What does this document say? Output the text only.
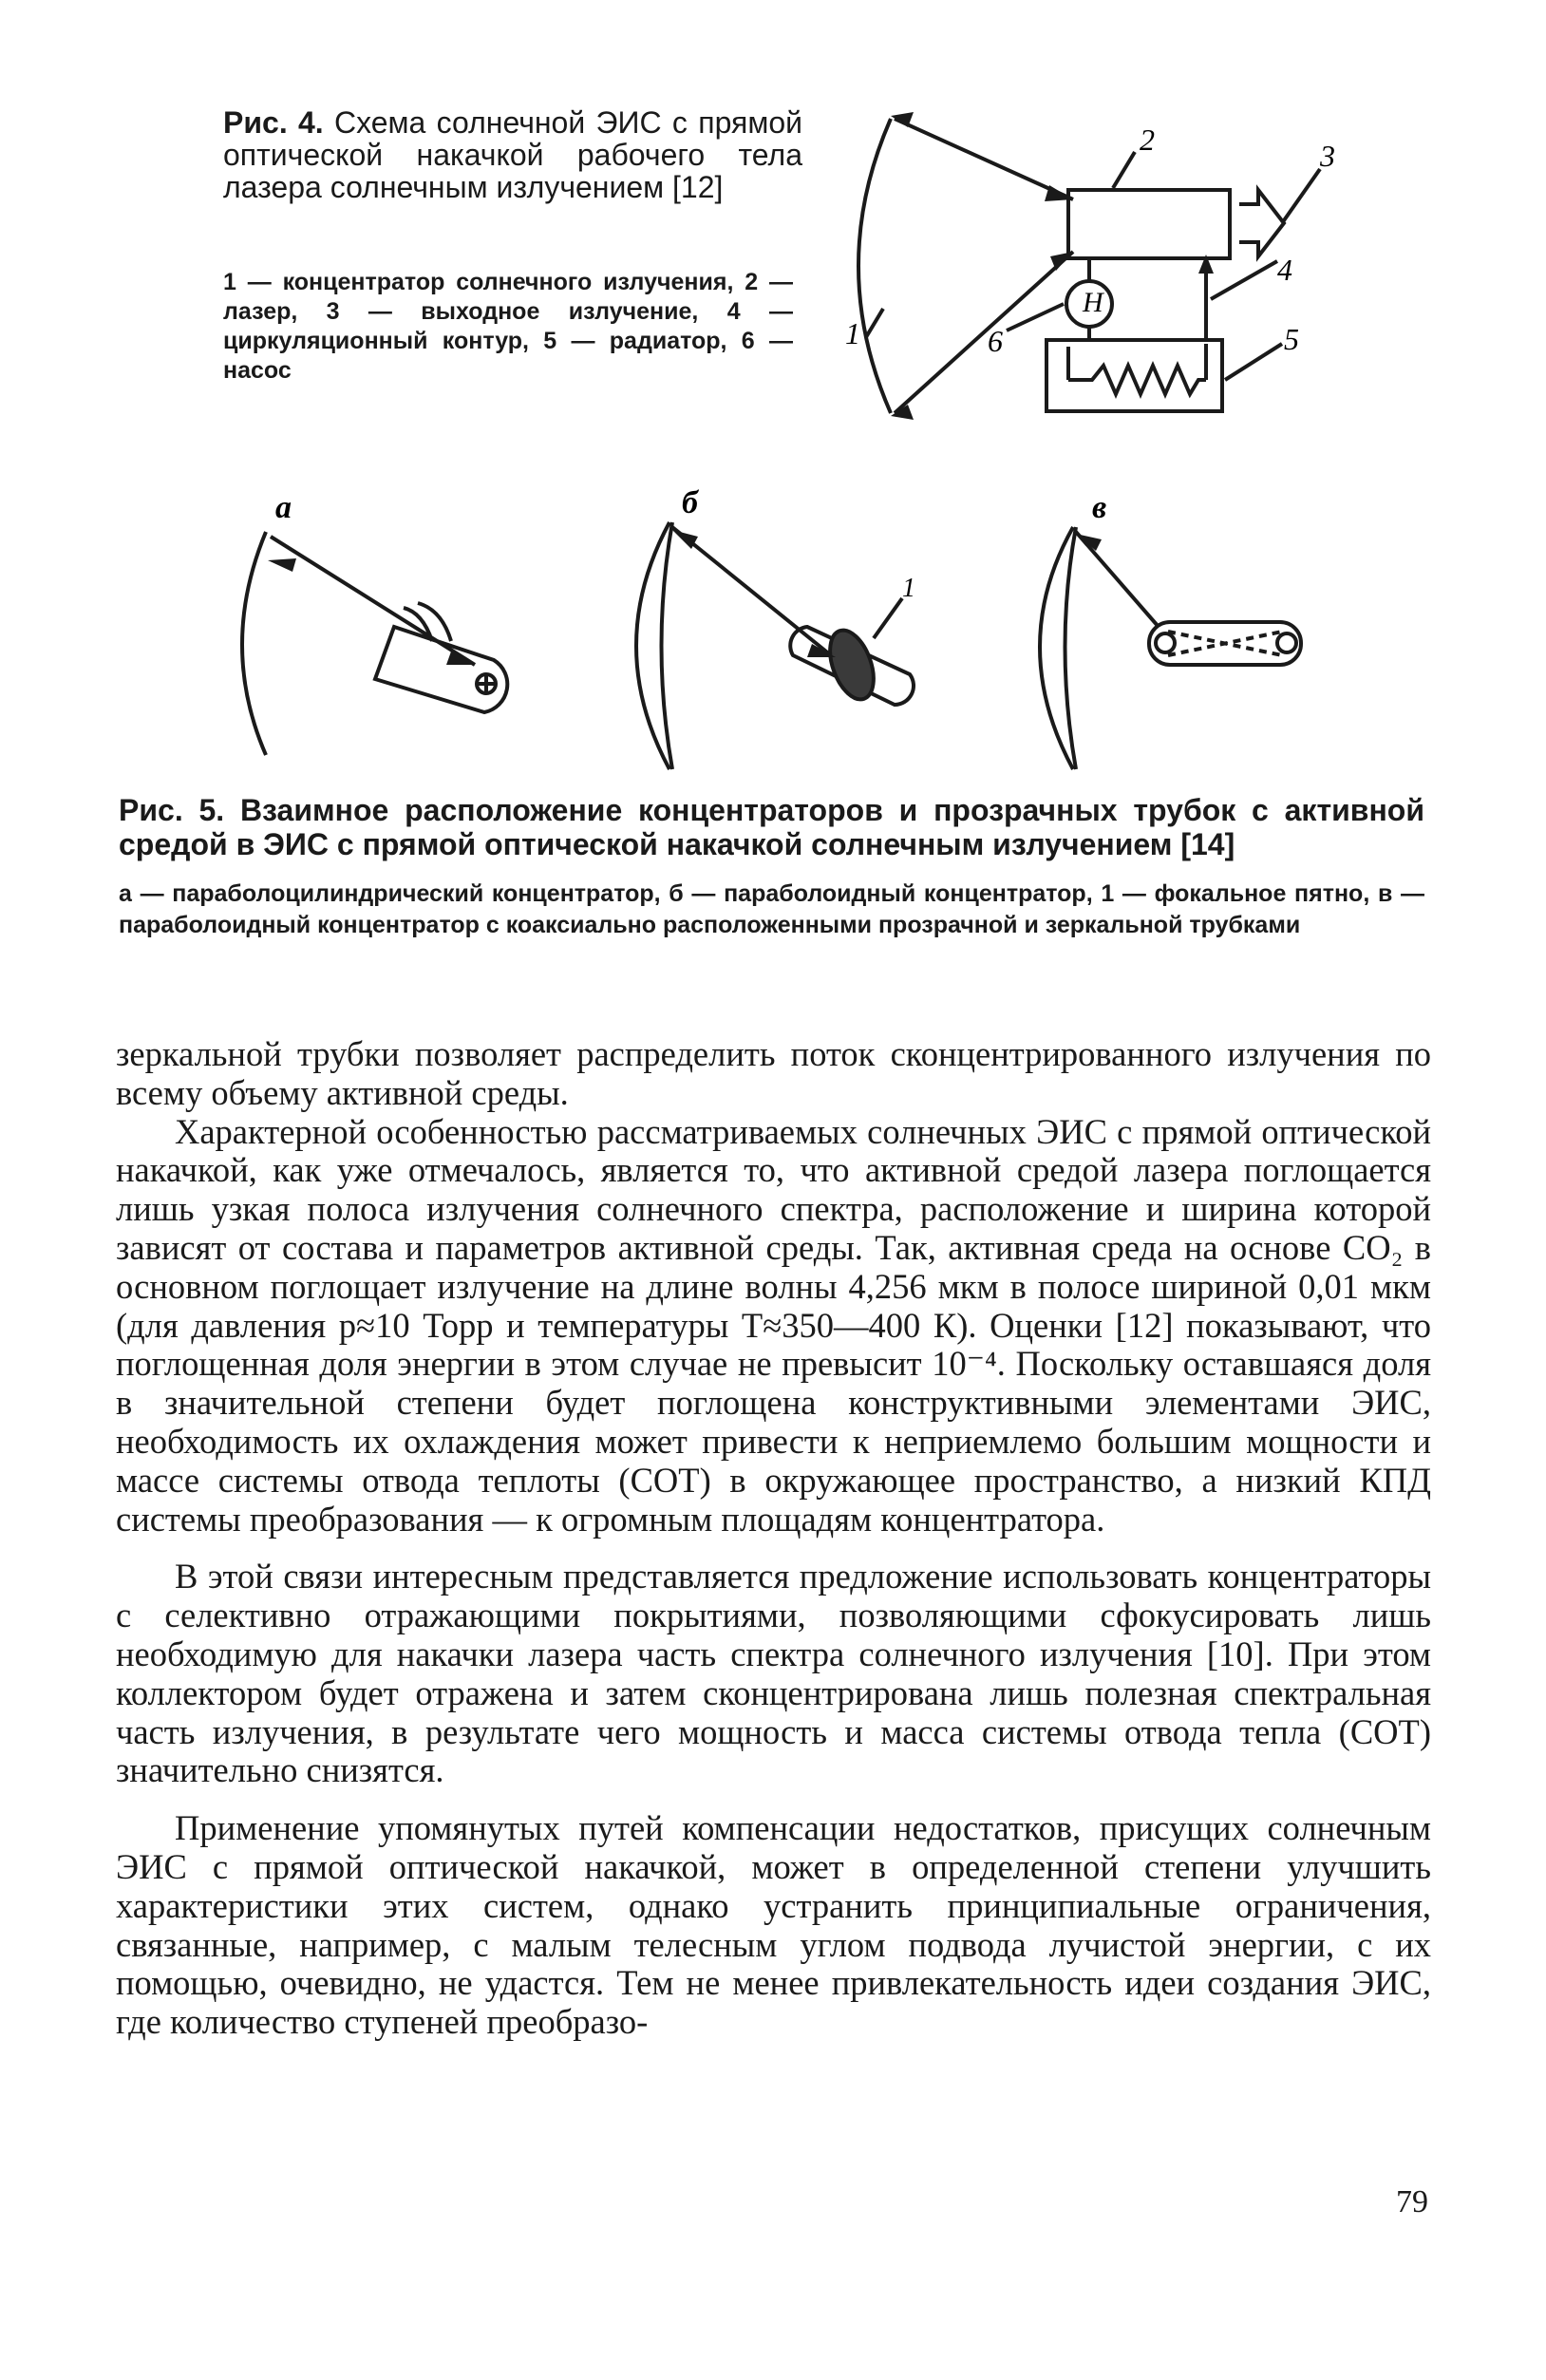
Рис. 4. Схема солнечной ЭИС с прямой оптической накачкой рабочего тела лазера солнечным излучением [12]
1 — концентратор солнечного излучения, 2 — лазер, 3 — выходное излучение, 4 — циркуляционный контур, 5 — радиатор, 6 — насос
Н
1
2	3
4
5
6
а	б	в
1
Рис. 5. Взаимное расположение концентраторов и прозрачных трубок с активной средой в ЭИС с прямой оптической накачкой солнечным излучением [14]
а — параболоцилиндрический концентратор, б — параболоидный концентратор, 1 — фокальное пятно, в — параболоидный концентратор с коаксиально расположенными прозрачной и зеркальной трубками

зеркальной трубки позволяет распределить поток сконцентрированного излучения по всему объему активной среды.

Характерной особенностью рассматриваемых солнечных ЭИС с прямой оптической накачкой, как уже отмечалось, является то, что активной средой лазера поглощается лишь узкая полоса излучения солнечного спектра, расположение и ширина которой зависят от состава и параметров активной среды. Так, активная среда на основе CO₂ в основном поглощает излучение на длине волны 4,256 мкм в полосе шириной 0,01 мкм (для давления p≈10 Торр и температуры T≈350—400 К). Оценки [12] показывают, что поглощенная доля энергии в этом случае не превысит 10⁻⁴. Поскольку оставшаяся доля в значительной степени будет поглощена конструктивными элементами ЭИС, необходимость их охлаждения может привести к неприемлемо большим мощности и массе системы отвода теплоты (СОТ) в окружающее пространство, а низкий КПД системы преобразования — к огромным площадям концентратора.

В этой связи интересным представляется предложение использовать концентраторы с селективно отражающими покрытиями, позволяющими сфокусировать лишь необходимую для накачки лазера часть спектра солнечного излучения [10]. При этом коллектором будет отражена и затем сконцентрирована лишь полезная спектральная часть излучения, в результате чего мощность и масса системы отвода тепла (СОТ) значительно снизятся.

Применение упомянутых путей компенсации недостатков, присущих солнечным ЭИС с прямой оптической накачкой, может в определенной степени улучшить характеристики этих систем, однако устранить принципиальные ограничения, связанные, например, с малым телесным углом подвода лучистой энергии, с их помощью, очевидно, не удастся. Тем не менее привлекательность идеи создания ЭИС, где количество ступеней преобразо-

79
